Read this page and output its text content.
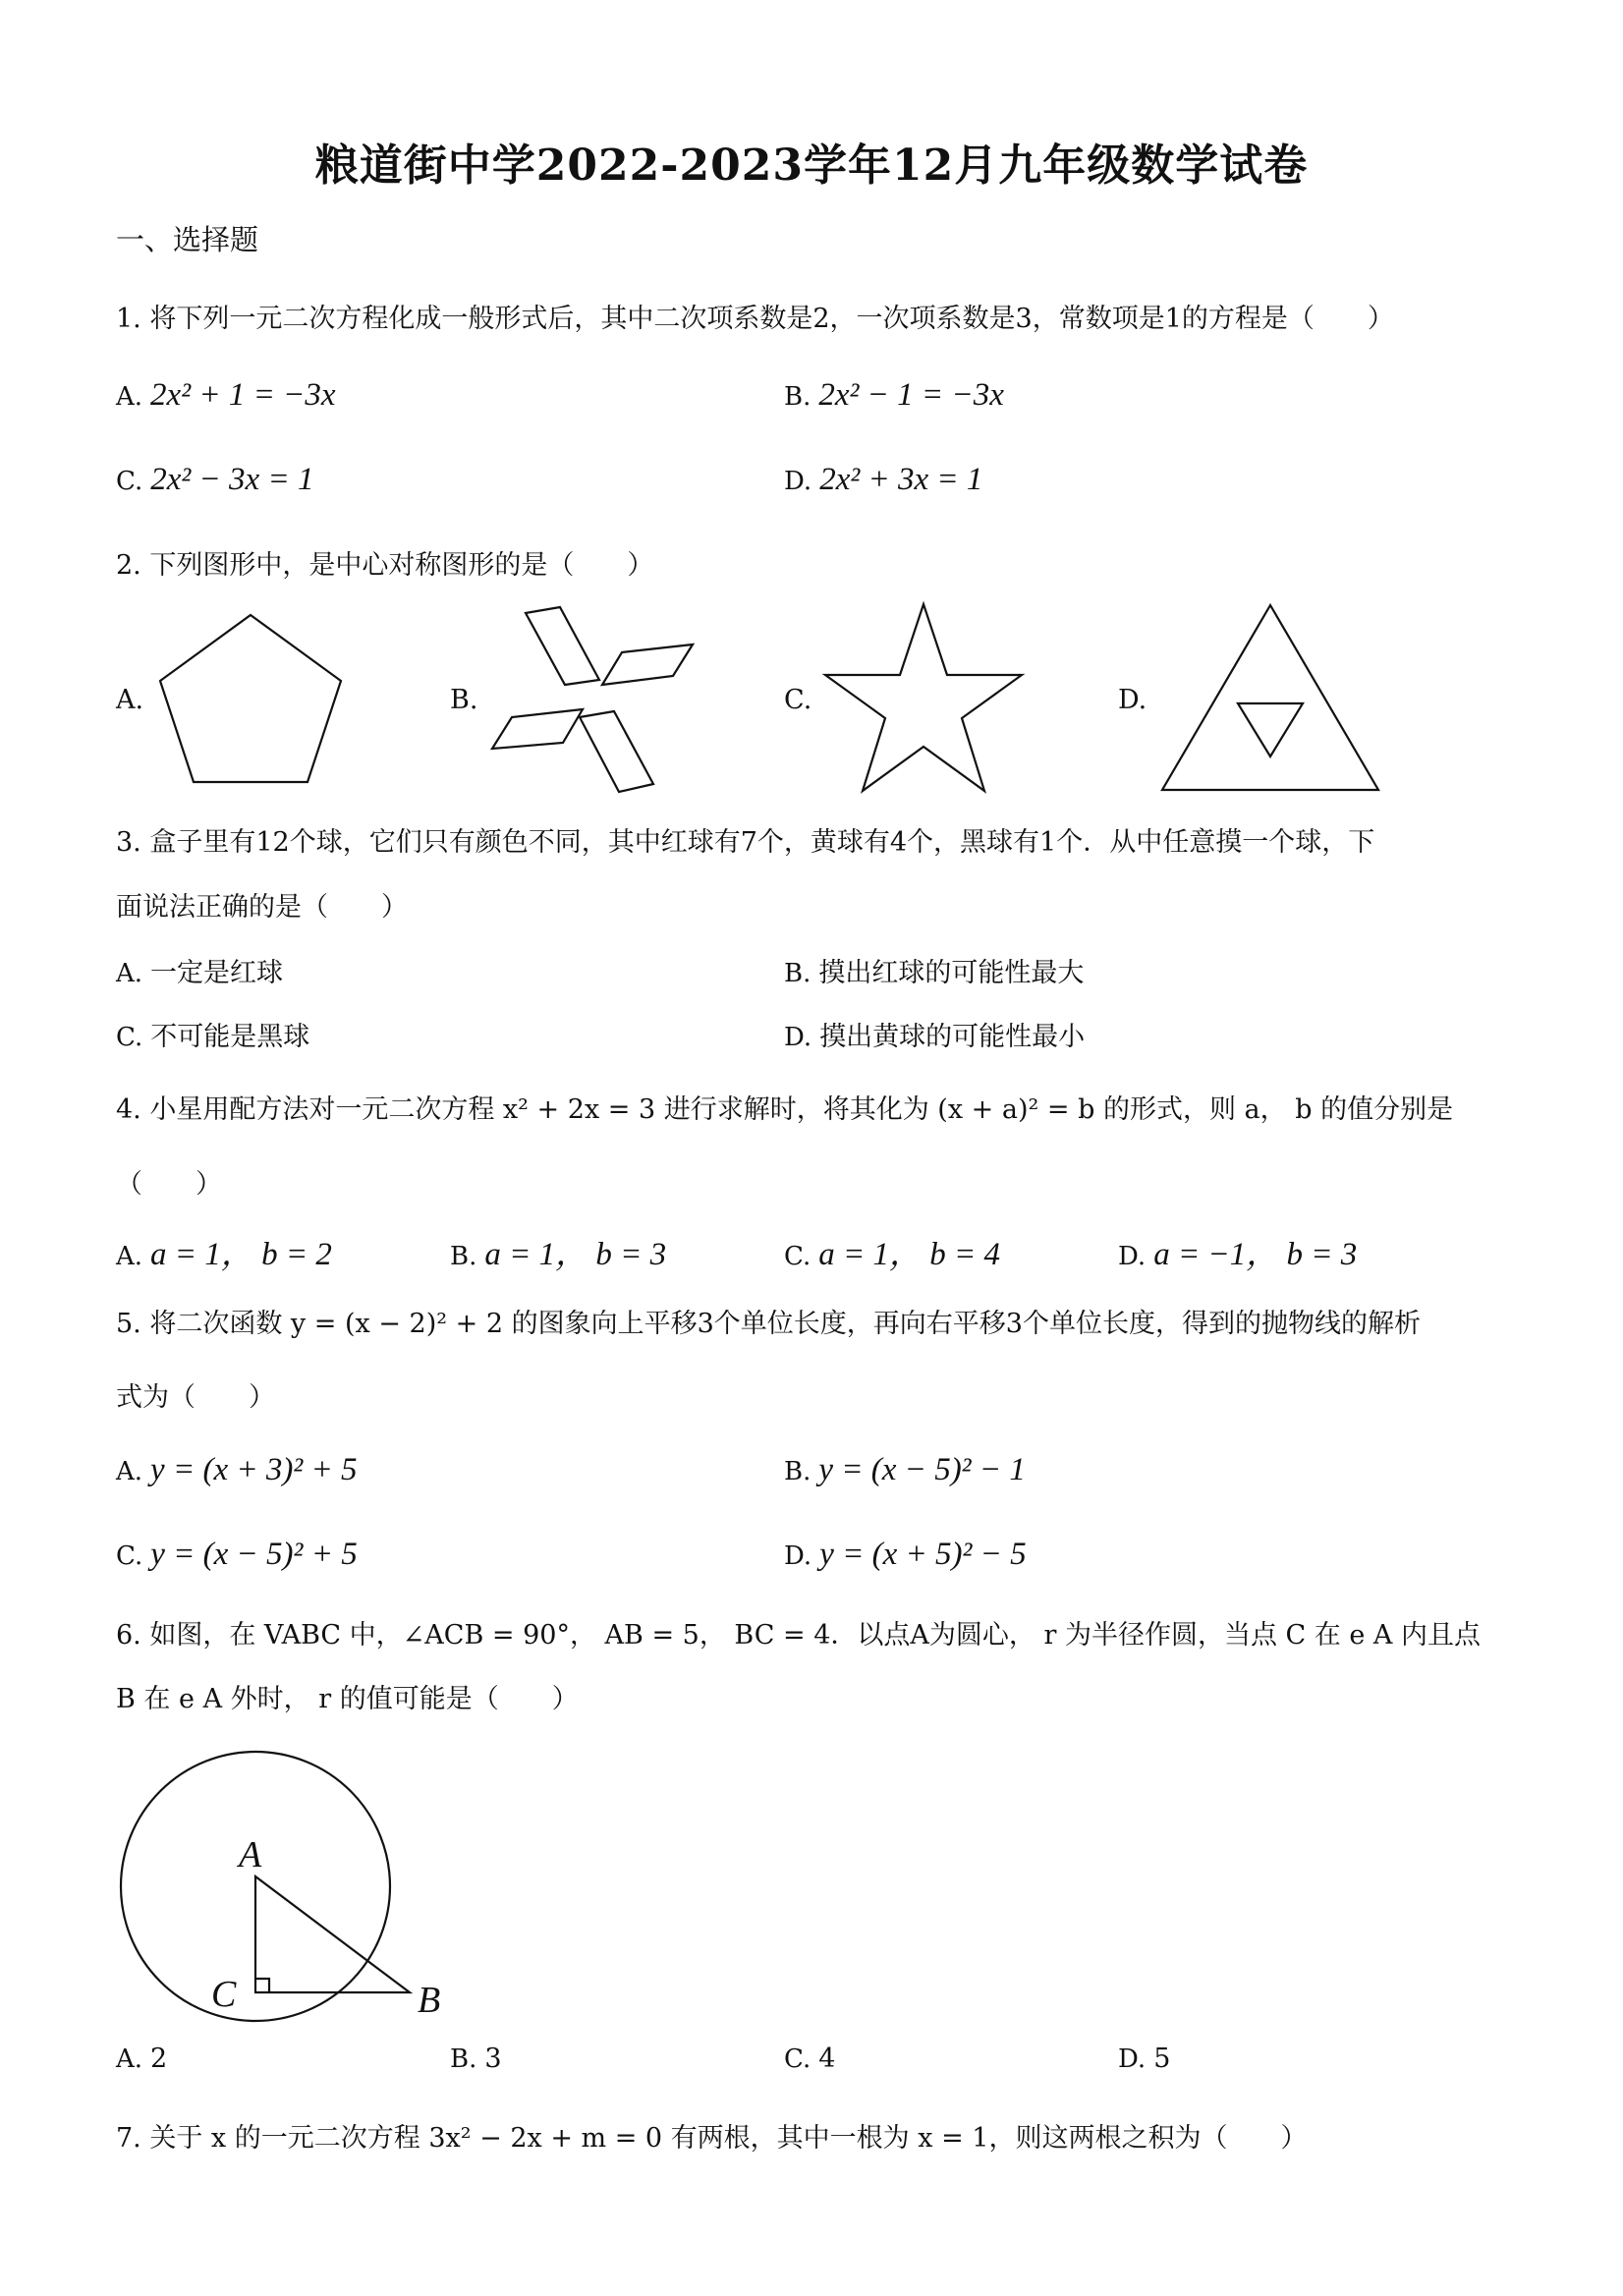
粮道街中学2022-2023学年12月九年级数学试卷
一、选择题
1. 将下列一元二次方程化成一般形式后，其中二次项系数是2，一次项系数是3，常数项是1的方程是（　　）
A. 2x² + 1 = −3x	B. 2x² − 1 = −3x
C. 2x² − 3x = 1	D. 2x² + 3x = 1
2. 下列图形中，是中心对称图形的是（　　）
A.	B.	C.	D.
3. 盒子里有12个球，它们只有颜色不同，其中红球有7个，黄球有4个，黑球有1个．从中任意摸一个球，下
面说法正确的是（　　）
A. 一定是红球	B. 摸出红球的可能性最大
C. 不可能是黑球	D. 摸出黄球的可能性最小
4. 小星用配方法对一元二次方程 x² + 2x = 3 进行求解时，将其化为 (x + a)² = b 的形式，则 a， b 的值分别是
（　　）
A. a = 1， b = 2	B. a = 1， b = 3	C. a = 1， b = 4	D. a = −1， b = 3
5. 将二次函数 y = (x − 2)² + 2 的图象向上平移3个单位长度，再向右平移3个单位长度，得到的抛物线的解析
式为（　　）
A. y = (x + 3)² + 5	B. y = (x − 5)² − 1
C. y = (x − 5)² + 5	D. y = (x + 5)² − 5
6. 如图，在 VABC 中，∠ACB = 90°， AB = 5， BC = 4．以点A为圆心， r 为半径作圆，当点 C 在 e A 内且点
B 在 e A 外时， r 的值可能是（　　）
A
C	B
A. 2	B. 3	C. 4	D. 5
7. 关于 x 的一元二次方程 3x² − 2x + m = 0 有两根，其中一根为 x = 1，则这两根之积为（　　）
